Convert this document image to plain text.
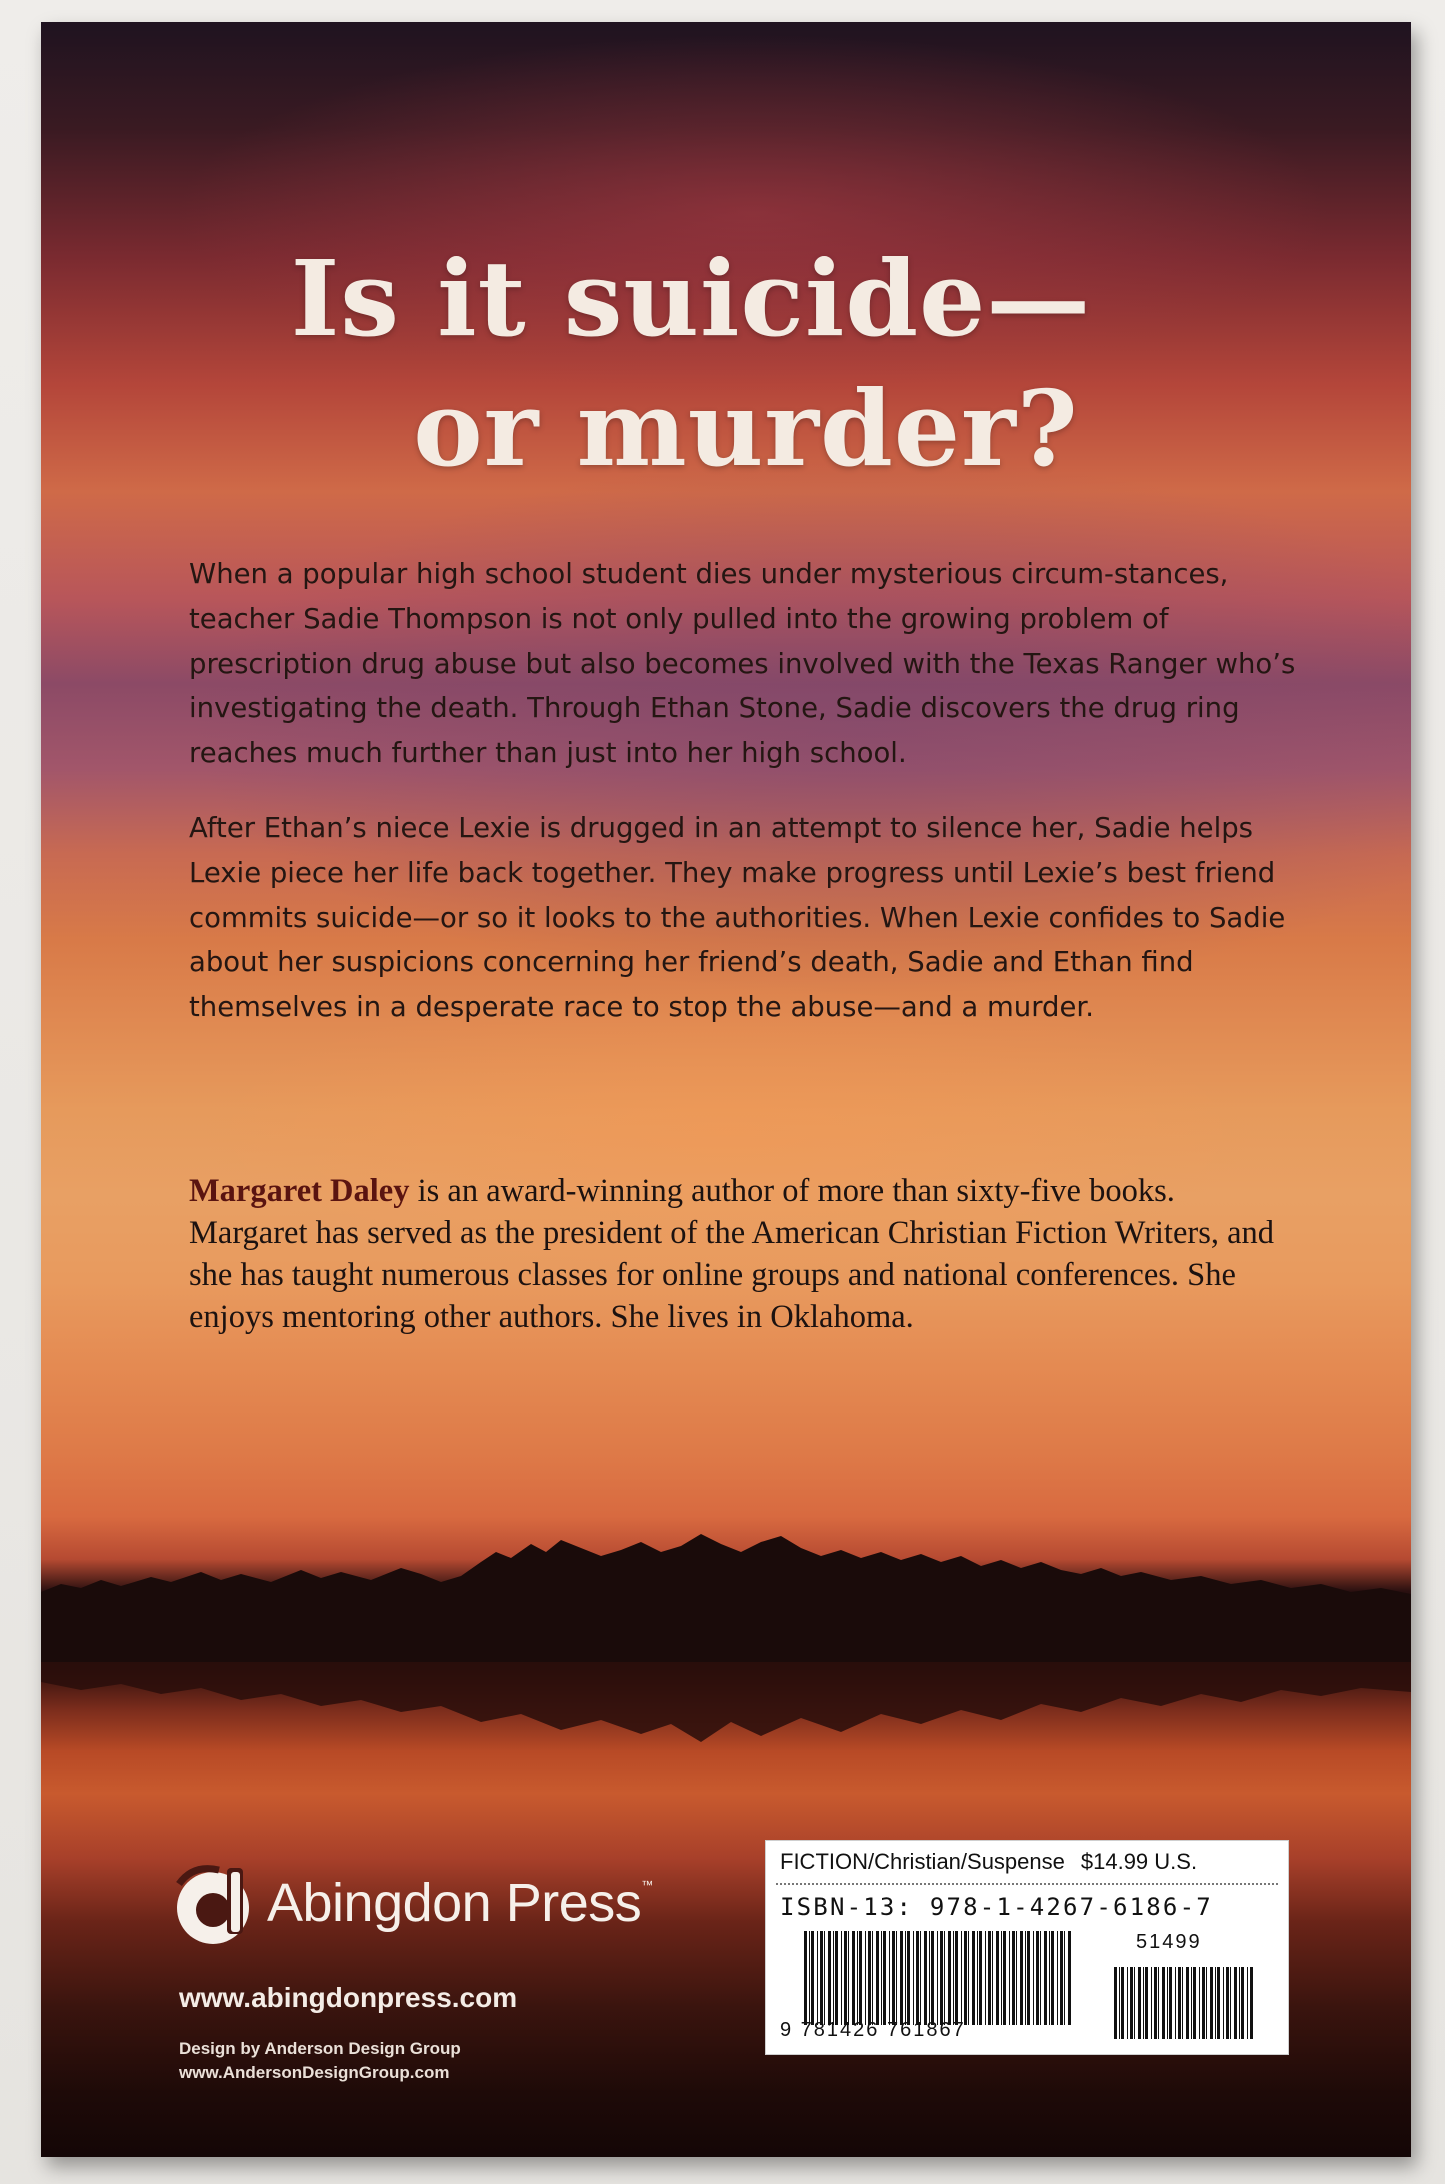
Is it suicide—
or murder?

When a popular high school student dies under mysterious circum-stances, teacher Sadie Thompson is not only pulled into the growing problem of prescription drug abuse but also becomes involved with the Texas Ranger who’s investigating the death. Through Ethan Stone, Sadie discovers the drug ring reaches much further than just into her high school.

After Ethan’s niece Lexie is drugged in an attempt to silence her, Sadie helps Lexie piece her life back together. They make progress until Lexie’s best friend commits suicide—or so it looks to the authorities. When Lexie confides to Sadie about her suspicions concerning her friend’s death, Sadie and Ethan find themselves in a desperate race to stop the abuse—and a murder.

Margaret Daley is an award-winning author of more than sixty-five books. Margaret has served as the president of the American Christian Fiction Writers, and she has taught numerous classes for online groups and national conferences. She enjoys mentoring other authors. She lives in Oklahoma.
Abingdon Press™
www.abingdonpress.com
Design by Anderson Design Group
www.AndersonDesignGroup.com
FICTION/Christian/Suspense $14.99 U.S.
ISBN-13: 978-1-4267-6186-7
9 781426 761867
51499
